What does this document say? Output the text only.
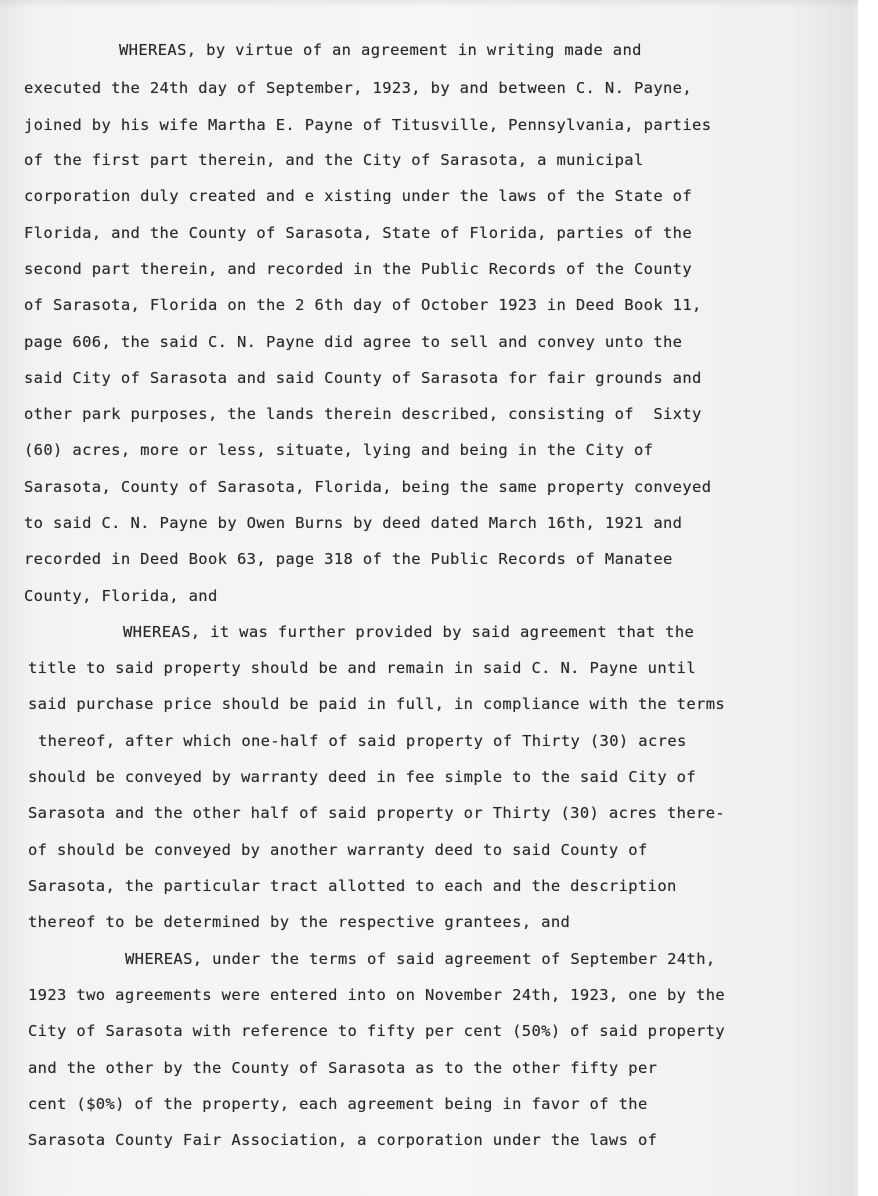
WHEREAS, by virtue of an agreement in writing made and
executed the 24th day of September, 1923, by and between C. N. Payne,
joined by his wife Martha E. Payne of Titusville, Pennsylvania, parties
of the first part therein, and the City of Sarasota, a municipal
corporation duly created and e xisting under the laws of the State of
Florida, and the County of Sarasota, State of Florida, parties of the
second part therein, and recorded in the Public Records of the County
of Sarasota, Florida on the 2 6th day of October 1923 in Deed Book 11,
page 606, the said C. N. Payne did agree to sell and convey unto the
said City of Sarasota and said County of Sarasota for fair grounds and
other park purposes, the lands therein described, consisting of  Sixty
(60) acres, more or less, situate, lying and being in the City of
Sarasota, County of Sarasota, Florida, being the same property conveyed
to said C. N. Payne by Owen Burns by deed dated March 16th, 1921 and
recorded in Deed Book 63, page 318 of the Public Records of Manatee
County, Florida, and
WHEREAS, it was further provided by said agreement that the
title to said property should be and remain in said C. N. Payne until
said purchase price should be paid in full, in compliance with the terms
thereof, after which one-half of said property of Thirty (30) acres
should be conveyed by warranty deed in fee simple to the said City of
Sarasota and the other half of said property or Thirty (30) acres there-
of should be conveyed by another warranty deed to said County of
Sarasota, the particular tract allotted to each and the description
thereof to be determined by the respective grantees, and
WHEREAS, under the terms of said agreement of September 24th,
1923 two agreements were entered into on November 24th, 1923, one by the
City of Sarasota with reference to fifty per cent (50%) of said property
and the other by the County of Sarasota as to the other fifty per
cent ($0%) of the property, each agreement being in favor of the
Sarasota County Fair Association, a corporation under the laws of
